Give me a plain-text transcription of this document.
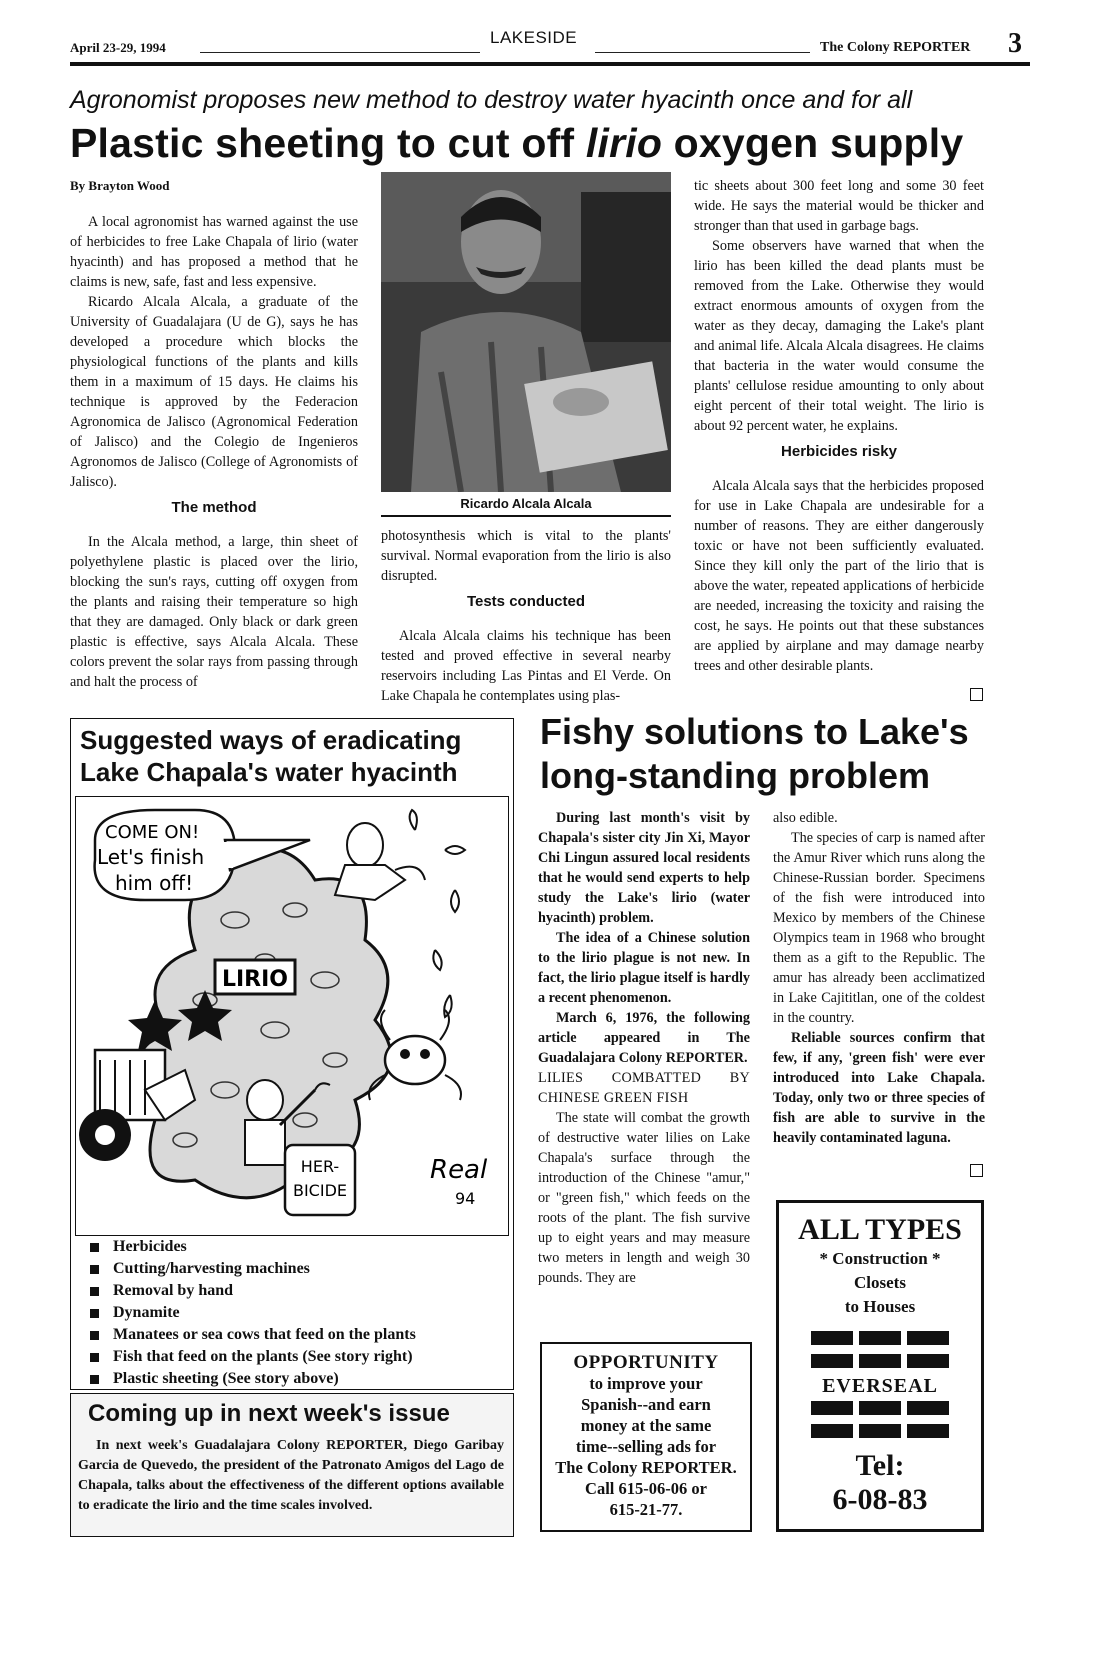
April 23-29, 1994
LAKESIDE
The Colony REPORTER 3
Agronomist proposes new method to destroy water hyacinth once and for all
Plastic sheeting to cut off lirio oxygen supply
By Brayton Wood

A local agronomist has warned against the use of herbicides to free Lake Chapala of lirio (water hyacinth) and has proposed a method that he claims is new, safe, fast and less expensive.

Ricardo Alcala Alcala, a graduate of the University of Guadalajara (U de G), says he has developed a procedure which blocks the physiological functions of the plants and kills them in a maximum of 15 days. He claims his technique is approved by the Federacion Agronomica de Jalisco (Agronomical Federation of Jalisco) and the Colegio de Ingenieros Agronomos de Jalisco (College of Agronomists of Jalisco).

The method

In the Alcala method, a large, thin sheet of polyethylene plastic is placed over the lirio, blocking the sun's rays, cutting off oxygen from the plants and raising their temperature so high that they are damaged. Only black or dark green plastic is effective, says Alcala Alcala. These colors prevent the solar rays from passing through and halt the process of

Ricardo Alcala Alcala

photosynthesis which is vital to the plants' survival. Normal evaporation from the lirio is also disrupted.

Tests conducted

Alcala Alcala claims his technique has been tested and proved effective in several nearby reservoirs including Las Pintas and El Verde. On Lake Chapala he contemplates using plas-

tic sheets about 300 feet long and some 30 feet wide. He says the material would be thicker and stronger than that used in garbage bags.

Some observers have warned that when the lirio has been killed the dead plants must be removed from the Lake. Otherwise they would extract enormous amounts of oxygen from the water as they decay, damaging the Lake's plant and animal life. Alcala Alcala disagrees. He claims that bacteria in the water would consume the plants' cellulose residue amounting to only about eight percent of their total weight. The lirio is about 92 percent water, he explains.

Herbicides risky

Alcala Alcala says that the herbicides proposed for use in Lake Chapala are undesirable for a number of reasons. They are either dangerously toxic or have not been sufficiently evaluated. Since they kill only the part of the lirio that is above the water, repeated applications of herbicide are needed, increasing the toxicity and raising the cost, he says. He points out that these substances are applied by airplane and may damage nearby trees and other desirable plants.

Suggested ways of eradicating
Lake Chapala's water hyacinth
LIRIO
COME ON!
Let's finish
him off!
HER-
BICIDE
Real
94
Herbicides
Cutting/harvesting machines
Removal by hand
Dynamite
Manatees or sea cows that feed on the plants
Fish that feed on the plants (See story right)
Plastic sheeting (See story above)
Coming up in next week's issue
In next week's Guadalajara Colony REPORTER, Diego Garibay Garcia de Quevedo, the president of the Patronato Amigos del Lago de Chapala, talks about the effectiveness of the different options available to eradicate the lirio and the time scales involved.
Fishy solutions to Lake's
long-standing problem

During last month's visit by Chapala's sister city Jin Xi, Mayor Chi Lingun assured local residents that he would send experts to help study the Lake's lirio (water hyacinth) problem.

The idea of a Chinese solution to the lirio plague is not new. In fact, the lirio plague itself is hardly a recent phenomenon.

March 6, 1976, the following article appeared in The Guadalajara Colony REPORTER.

LILIES COMBATTED BY CHINESE GREEN FISH

The state will combat the growth of destructive water lilies on Lake Chapala's surface through the introduction of the Chinese "amur," or "green fish," which feeds on the roots of the plant. The fish survive up to eight years and may measure two meters in length and weigh 30 pounds. They are

also edible.

The species of carp is named after the Amur River which runs along the Chinese-Russian border. Specimens of the fish were introduced into Mexico by members of the Chinese Olympics team in 1968 who brought them as a gift to the Republic. The amur has already been acclimatized in Lake Cajititlan, one of the coldest in the country.

Reliable sources confirm that few, if any, 'green fish' were ever introduced into Lake Chapala. Today, only two or three species of fish are able to survive in the heavily contaminated laguna.

OPPORTUNITY
to improve your
Spanish--and earn
money at the same
time--selling ads for
The Colony REPORTER.
Call 615-06-06 or
615-21-77.
ALL TYPES
* Construction *
Closets
to Houses
EVERSEAL
Tel:
6-08-83
